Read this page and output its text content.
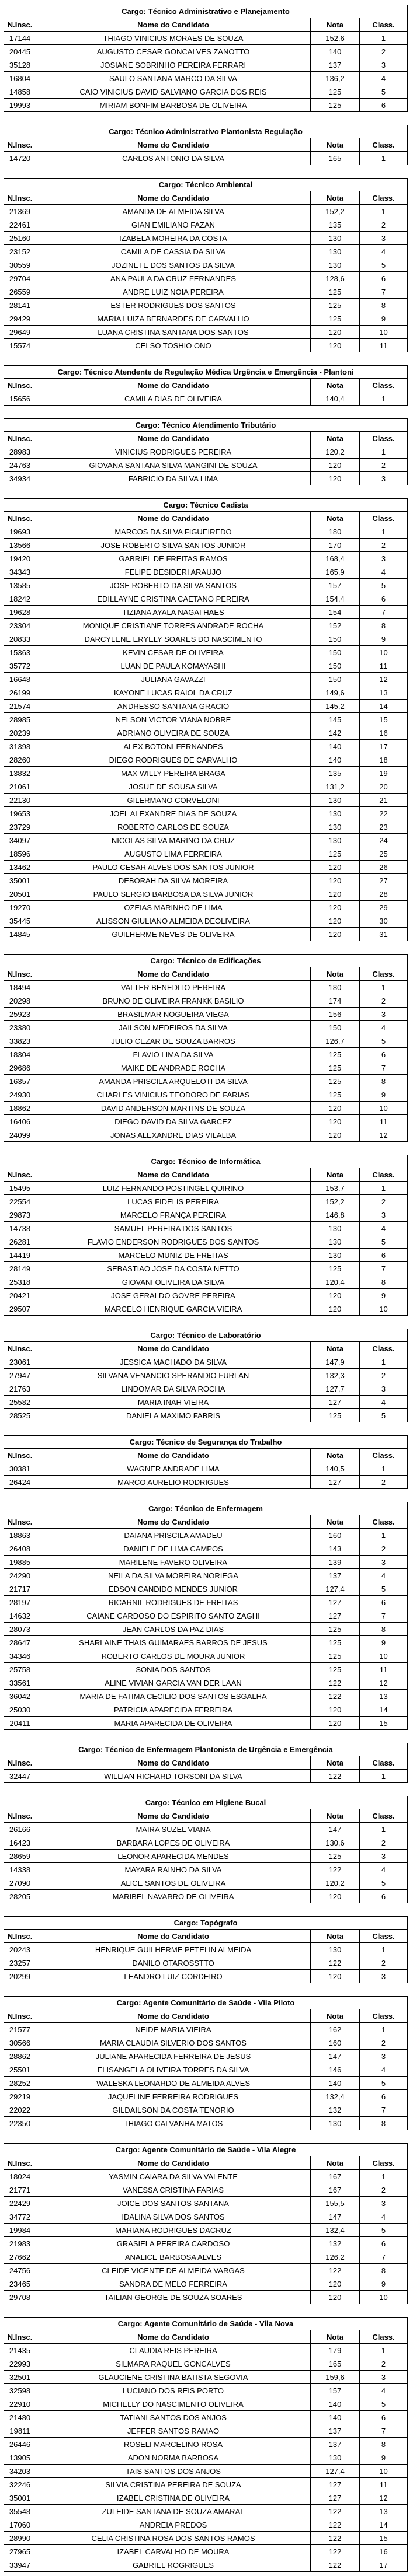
Cargo: Técnico Administrativo e Planejamento
N.Insc.	Nome do Candidato	Nota	Class.
17144	THIAGO VINICIUS MORAES DE SOUZA	152,6	1
20445	AUGUSTO CESAR GONCALVES ZANOTTO	140	2
35128	JOSIANE SOBRINHO PEREIRA FERRARI	137	3
16804	SAULO SANTANA MARCO DA SILVA	136,2	4
14858	CAIO VINICIUS DAVID SALVIANO GARCIA DOS REIS	125	5
19993	MIRIAM BONFIM BARBOSA DE OLIVEIRA	125	6
Cargo: Técnico Administrativo Plantonista Regulação
N.Insc.	Nome do Candidato	Nota	Class.
14720	CARLOS ANTONIO DA SILVA	165	1
Cargo: Técnico Ambiental
N.Insc.	Nome do Candidato	Nota	Class.
21369	AMANDA DE ALMEIDA SILVA	152,2	1
22461	GIAN EMILIANO FAZAN	135	2
25160	IZABELA MOREIRA DA COSTA	130	3
23152	CAMILA DE CASSIA DA SILVA	130	4
30559	JOZINETE DOS SANTOS DA SILVA	130	5
29704	ANA PAULA DA CRUZ FERNANDES	128,6	6
26559	ANDRE LUIZ NOIA PEREIRA	125	7
28141	ESTER RODRIGUES DOS SANTOS	125	8
29429	MARIA LUIZA BERNARDES DE CARVALHO	125	9
29649	LUANA CRISTINA SANTANA DOS SANTOS	120	10
15574	CELSO TOSHIO ONO	120	11
Cargo: Técnico Atendente de Regulação Médica Urgência e Emergência - Plantoni
N.Insc.	Nome do Candidato	Nota	Class.
15656	CAMILA DIAS DE OLIVEIRA	140,4	1
Cargo: Técnico Atendimento Tributário
N.Insc.	Nome do Candidato	Nota	Class.
28983	VINICIUS RODRIGUES PEREIRA	120,2	1
24763	GIOVANA SANTANA SILVA MANGINI DE SOUZA	120	2
34934	FABRICIO DA SILVA LIMA	120	3
Cargo: Técnico Cadista
N.Insc.	Nome do Candidato	Nota	Class.
19693	MARCOS DA SILVA FIGUEIREDO	180	1
13566	JOSE ROBERTO SILVA SANTOS JUNIOR	170	2
19420	GABRIEL DE FREITAS RAMOS	168,4	3
34343	FELIPE DESIDERI ARAUJO	165,9	4
13585	JOSE ROBERTO DA SILVA SANTOS	157	5
18242	EDILLAYNE CRISTINA CAETANO PEREIRA	154,4	6
19628	TIZIANA AYALA NAGAI HAES	154	7
23304	MONIQUE CRISTIANE TORRES ANDRADE ROCHA	152	8
20833	DARCYLENE ERYELY SOARES DO NASCIMENTO	150	9
15363	KEVIN CESAR DE OLIVEIRA	150	10
35772	LUAN DE PAULA KOMAYASHI	150	11
16648	JULIANA GAVAZZI	150	12
26199	KAYONE LUCAS RAIOL DA CRUZ	149,6	13
21574	ANDRESSO SANTANA GRACIO	145,2	14
28985	NELSON VICTOR VIANA NOBRE	145	15
20239	ADRIANO OLIVEIRA DE SOUZA	142	16
31398	ALEX BOTONI FERNANDES	140	17
28260	DIEGO RODRIGUES DE CARVALHO	140	18
13832	MAX WILLY PEREIRA BRAGA	135	19
21061	JOSUE DE SOUSA SILVA	131,2	20
22130	GILERMANO CORVELONI	130	21
19653	JOEL ALEXANDRE DIAS DE SOUZA	130	22
23729	ROBERTO CARLOS DE SOUZA	130	23
34097	NICOLAS SILVA MARINO DA CRUZ	130	24
18596	AUGUSTO LIMA FERREIRA	125	25
13462	PAULO CESAR ALVES DOS SANTOS JUNIOR	120	26
35001	DEBORAH DA SILVA MOREIRA	120	27
20501	PAULO SERGIO BARBOSA DA SILVA JUNIOR	120	28
19270	OZEIAS MARINHO DE LIMA	120	29
35445	ALISSON GIULIANO ALMEIDA DEOLIVEIRA	120	30
14845	GUILHERME NEVES DE OLIVEIRA	120	31
Cargo: Técnico de Edificações
N.Insc.	Nome do Candidato	Nota	Class.
18494	VALTER BENEDITO PEREIRA	180	1
20298	BRUNO DE OLIVEIRA FRANKK BASILIO	174	2
25923	BRASILMAR NOGUEIRA VIEGA	156	3
23380	JAILSON MEDEIROS DA SILVA	150	4
33823	JULIO CEZAR DE SOUZA BARROS	126,7	5
18304	FLAVIO LIMA DA SILVA	125	6
29686	MAIKE DE ANDRADE ROCHA	125	7
16357	AMANDA PRISCILA ARQUELOTI DA SILVA	125	8
24930	CHARLES VINICIUS TEODORO DE FARIAS	125	9
18862	DAVID ANDERSON MARTINS DE SOUZA	120	10
16406	DIEGO DAVID DA SILVA GARCEZ	120	11
24099	JONAS ALEXANDRE DIAS VILALBA	120	12
Cargo: Técnico de Informática
N.Insc.	Nome do Candidato	Nota	Class.
15495	LUIZ FERNANDO POSTINGEL QUIRINO	153,7	1
22554	LUCAS FIDELIS PEREIRA	152,2	2
29873	MARCELO FRANÇA PEREIRA	146,8	3
14738	SAMUEL PEREIRA DOS SANTOS	130	4
26281	FLAVIO ENDERSON RODRIGUES DOS SANTOS	130	5
14419	MARCELO MUNIZ DE FREITAS	130	6
28149	SEBASTIAO JOSE DA COSTA NETTO	125	7
25318	GIOVANI OLIVEIRA DA SILVA	120,4	8
20421	JOSE GERALDO GOVRE PEREIRA	120	9
29507	MARCELO HENRIQUE GARCIA VIEIRA	120	10
Cargo: Técnico de Laboratório
N.Insc.	Nome do Candidato	Nota	Class.
23061	JESSICA MACHADO DA SILVA	147,9	1
27947	SILVANA VENANCIO SPERANDIO FURLAN	132,3	2
21763	LINDOMAR DA SILVA ROCHA	127,7	3
25582	MARIA INAH VIEIRA	127	4
28525	DANIELA MAXIMO FABRIS	125	5
Cargo: Técnico de Segurança do Trabalho
N.Insc.	Nome do Candidato	Nota	Class.
30381	WAGNER ANDRADE LIMA	140,5	1
26424	MARCO AURELIO RODRIGUES	127	2
Cargo: Técnico de Enfermagem
N.Insc.	Nome do Candidato	Nota	Class.
18863	DAIANA PRISCILA AMADEU	160	1
26408	DANIELE DE LIMA CAMPOS	143	2
19885	MARILENE FAVERO OLIVEIRA	139	3
24290	NEILA DA SILVA MOREIRA NORIEGA	137	4
21717	EDSON CANDIDO MENDES JUNIOR	127,4	5
28197	RICARNIL RODRIGUES DE FREITAS	127	6
14632	CAIANE CARDOSO DO ESPIRITO SANTO ZAGHI	127	7
28073	JEAN CARLOS DA PAZ DIAS	125	8
28647	SHARLAINE THAIS GUIMARAES BARROS DE JESUS	125	9
34346	ROBERTO CARLOS DE MOURA JUNIOR	125	10
25758	SONIA DOS SANTOS	125	11
33561	ALINE VIVIAN GARCIA VAN DER LAAN	122	12
36042	MARIA DE FATIMA CECILIO DOS SANTOS ESGALHA	122	13
25030	PATRICIA APARECIDA FERREIRA	120	14
20411	MARIA APARECIDA DE OLIVEIRA	120	15
Cargo: Técnico de Enfermagem Plantonista de Urgência e Emergência
N.Insc.	Nome do Candidato	Nota	Class.
32447	WILLIAN RICHARD TORSONI DA SILVA	122	1
Cargo: Técnico em Higiene Bucal
N.Insc.	Nome do Candidato	Nota	Class.
26166	MAIRA SUZEL VIANA	147	1
16423	BARBARA LOPES DE OLIVEIRA	130,6	2
28659	LEONOR APARECIDA MENDES	125	3
14338	MAYARA RAINHO DA SILVA	122	4
27090	ALICE SANTOS DE OLIVEIRA	120,2	5
28205	MARIBEL NAVARRO DE OLIVEIRA	120	6
Cargo: Topógrafo
N.Insc.	Nome do Candidato	Nota	Class.
20243	HENRIQUE GUILHERME PETELIN ALMEIDA	130	1
23257	DANILO OTAROSSTTO	122	2
20299	LEANDRO LUIZ CORDEIRO	120	3
Cargo: Agente Comunitário de Saúde - Vila Piloto
N.Insc.	Nome do Candidato	Nota	Class.
21577	NEIDE MARIA VIEIRA	162	1
30566	MARIA CLAUDIA SILVERIO DOS SANTOS	160	2
28862	JULIANE APARECIDA FERREIRA DE JESUS	147	3
25501	ELISANGELA OLIVEIRA TORRES DA SILVA	146	4
28252	WALESKA LEONARDO DE ALMEIDA ALVES	140	5
29219	JAQUELINE FERREIRA RODRIGUES	132,4	6
22022	GILDAILSON DA COSTA TENORIO	132	7
22350	THIAGO CALVANHA MATOS	130	8
Cargo: Agente Comunitário de Saúde - Vila Alegre
N.Insc.	Nome do Candidato	Nota	Class.
18024	YASMIN CAIARA DA SILVA VALENTE	167	1
21771	VANESSA CRISTINA FARIAS	167	2
22429	JOICE DOS SANTOS SANTANA	155,5	3
34772	IDALINA SILVA DOS SANTOS	147	4
19984	MARIANA RODRIGUES DACRUZ	132,4	5
21983	GRASIELA PEREIRA CARDOSO	132	6
27662	ANALICE BARBOSA ALVES	126,2	7
24756	CLEIDE VICENTE DE ALMEIDA VARGAS	122	8
23465	SANDRA DE MELO FERREIRA	120	9
29708	TAILIAN GEORGE DE SOUZA SOARES	120	10
Cargo: Agente Comunitário de Saúde - Vila Nova
N.Insc.	Nome do Candidato	Nota	Class.
21435	CLAUDIA REIS PEREIRA	179	1
22993	SILMARA RAQUEL GONCALVES	165	2
32501	GLAUCIENE CRISTINA BATISTA SEGOVIA	159,6	3
32598	LUCIANO DOS REIS PORTO	157	4
22910	MICHELLY DO NASCIMENTO OLIVEIRA	140	5
21480	TATIANI SANTOS DOS ANJOS	140	6
19811	JEFFER SANTOS RAMAO	137	7
26446	ROSELI MARCELINO ROSA	137	8
13905	ADON NORMA BARBOSA	130	9
34203	TAIS SANTOS DOS ANJOS	127,4	10
32246	SILVIA CRISTINA PEREIRA DE SOUZA	127	11
35001	IZABEL CRISTINA DE OLIVEIRA	127	12
35548	ZULEIDE SANTANA DE SOUZA AMARAL	122	13
17060	ANDREIA PREDOS	122	14
28990	CELIA CRISTINA ROSA DOS SANTOS RAMOS	122	15
27965	IZABEL CARVALHO DE MOURA	122	16
33947	GABRIEL ROGRIGUES	122	17
